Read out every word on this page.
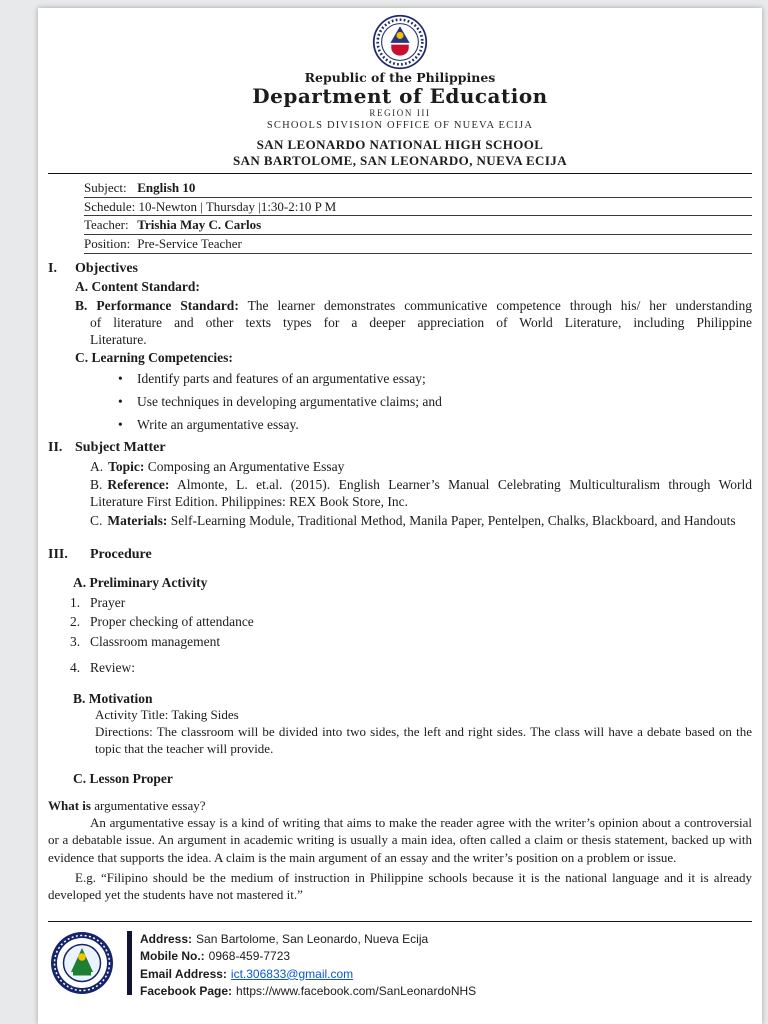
Republic of the Philippines
Department of Education
REGION III
SCHOOLS DIVISION OFFICE OF NUEVA ECIJA
SAN LEONARDO NATIONAL HIGH SCHOOL
SAN BARTOLOME, SAN LEONARDO, NUEVA ECIJA
Subject: English 10
Schedule: 10-Newton | Thursday |1:30-2:10 P M
Teacher: Trishia May C. Carlos
Position: Pre-Service Teacher
I. Objectives
A. Content Standard:
B. Performance Standard: The learner demonstrates communicative competence through his/ her understanding of literature and other texts types for a deeper appreciation of World Literature, including Philippine Literature.
C. Learning Competencies:
• Identify parts and features of an argumentative essay;
• Use techniques in developing argumentative claims; and
• Write an argumentative essay.
II. Subject Matter
A. Topic: Composing an Argumentative Essay
B. Reference: Almonte, L. et.al. (2015). English Learner’s Manual Celebrating Multiculturalism through World Literature First Edition. Philippines: REX Book Store, Inc.
C. Materials: Self-Learning Module, Traditional Method, Manila Paper, Pentelpen, Chalks, Blackboard, and Handouts
III. Procedure
A. Preliminary Activity
1. Prayer
2. Proper checking of attendance
3. Classroom management
4. Review:
B. Motivation
Activity Title: Taking Sides
Directions: The classroom will be divided into two sides, the left and right sides. The class will have a debate based on the topic that the teacher will provide.
C. Lesson Proper
What is argumentative essay?
An argumentative essay is a kind of writing that aims to make the reader agree with the writer’s opinion about a controversial or a debatable issue. An argument in academic writing is usually a main idea, often called a claim or thesis statement, backed up with evidence that supports the idea. A claim is the main argument of an essay and the writer’s position on a problem or issue.
E.g. “Filipino should be the medium of instruction in Philippine schools because it is the national language and it is already developed yet the students have not mastered it.”
Address: San Bartolome, San Leonardo, Nueva Ecija
Mobile No.: 0968-459-7723
Email Address: ict.306833@gmail.com
Facebook Page: https://www.facebook.com/SanLeonardoNHS
